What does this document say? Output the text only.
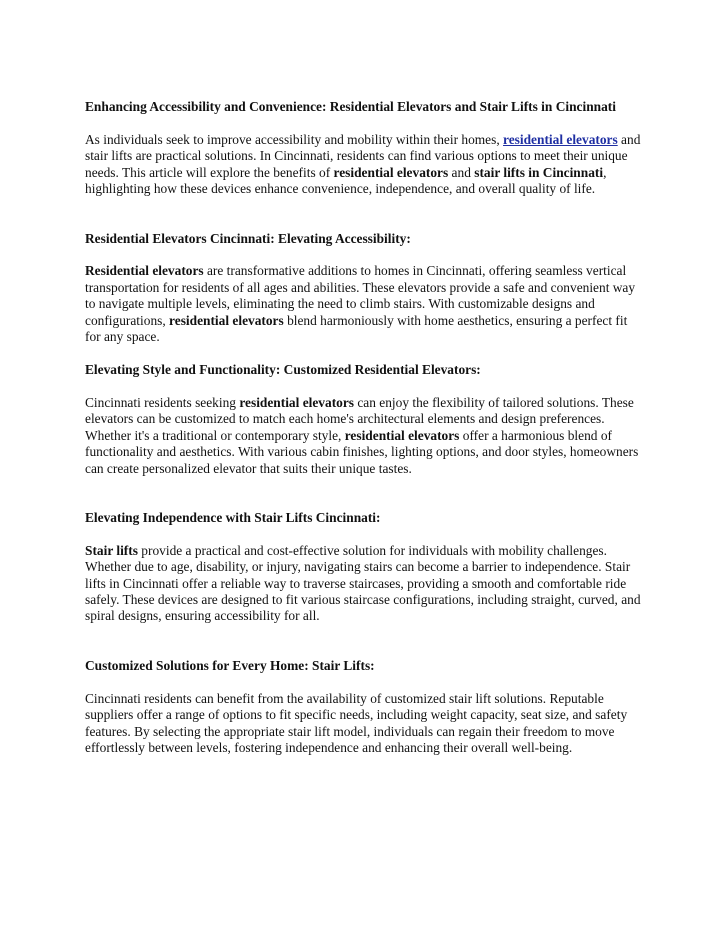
Enhancing Accessibility and Convenience: Residential Elevators and Stair Lifts in Cincinnati

As individuals seek to improve accessibility and mobility within their homes, residential elevators and stair lifts are practical solutions. In Cincinnati, residents can find various options to meet their unique needs. This article will explore the benefits of residential elevators and stair lifts in Cincinnati, highlighting how these devices enhance convenience, independence, and overall quality of life.

Residential Elevators Cincinnati: Elevating Accessibility:

Residential elevators are transformative additions to homes in Cincinnati, offering seamless vertical transportation for residents of all ages and abilities. These elevators provide a safe and convenient way to navigate multiple levels, eliminating the need to climb stairs. With customizable designs and configurations, residential elevators blend harmoniously with home aesthetics, ensuring a perfect fit for any space.

Elevating Style and Functionality: Customized Residential Elevators:

Cincinnati residents seeking residential elevators can enjoy the flexibility of tailored solutions. These elevators can be customized to match each home's architectural elements and design preferences. Whether it's a traditional or contemporary style, residential elevators offer a harmonious blend of functionality and aesthetics. With various cabin finishes, lighting options, and door styles, homeowners can create personalized elevator that suits their unique tastes.

Elevating Independence with Stair Lifts Cincinnati:

Stair lifts provide a practical and cost-effective solution for individuals with mobility challenges. Whether due to age, disability, or injury, navigating stairs can become a barrier to independence. Stair lifts in Cincinnati offer a reliable way to traverse staircases, providing a smooth and comfortable ride safely. These devices are designed to fit various staircase configurations, including straight, curved, and spiral designs, ensuring accessibility for all.

Customized Solutions for Every Home: Stair Lifts:

Cincinnati residents can benefit from the availability of customized stair lift solutions. Reputable suppliers offer a range of options to fit specific needs, including weight capacity, seat size, and safety features. By selecting the appropriate stair lift model, individuals can regain their freedom to move effortlessly between levels, fostering independence and enhancing their overall well-being.
